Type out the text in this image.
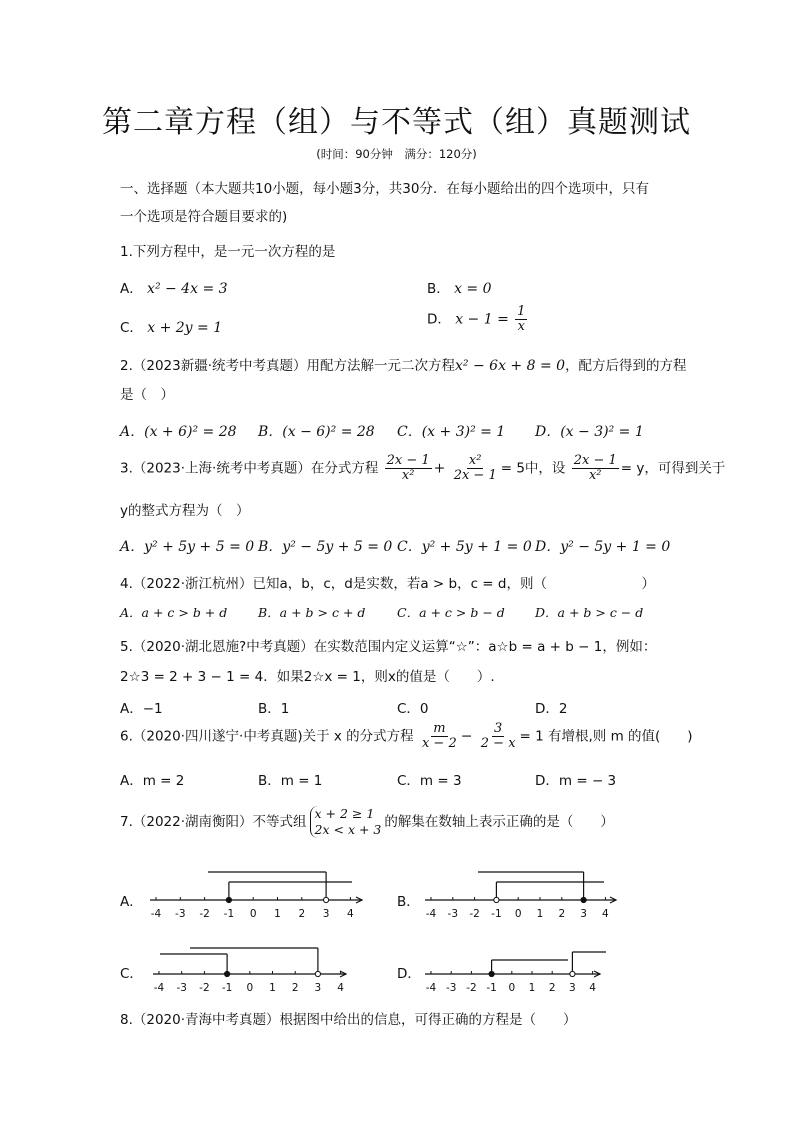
第二章方程（组）与不等式（组）真题测试
(时间：90分钟　满分：120分)
一、选择题（本大题共10小题，每小题3分，共30分．在每小题给出的四个选项中，只有
一个选项是符合题目要求的)
1.下列方程中，是一元一次方程的是
A． x² − 4x = 3	B． x = 0
C． x + 2y = 1
D． $x - 1 = \frac{1}{x}$
2.（2023新疆·统考中考真题）用配方法解一元二次方程x² − 6x + 8 = 0，配方后得到的方程
是（　）
A．(x + 6)² = 28 B．(x − 6)² = 28 C．(x + 3)² = 1 D．(x − 3)² = 1
3.（2023·上海·统考中考真题）在分式方程 $\frac{2x - 1}{\text{x²}} + \frac{\text{x²}}{2x - 1} = 5$中，设 $\frac{2x - 1}{\text{x²}} = y$，可得到关于
y的整式方程为（　）
A．y² + 5y + 5 = 0 B．y² − 5y + 5 = 0 C．y² + 5y + 1 = 0 D．y² − 5y + 1 = 0
4.（2022·浙江杭州）已知a，b，c，d是实数，若a > b，c = d，则（　　　　　　　）
A．a + c > b + d B．a + b > c + d	C．a + c > b − d D．a + b > c − d
5.（2020·湖北恩施?中考真题）在实数范围内定义运算“☆”：a☆b = a + b − 1，例如：
2☆3 = 2 + 3 − 1 = 4．如果2☆x = 1，则x的值是（　　）.
A．−1	B．1	C．0	D．2
6.（2020·四川遂宁·中考真题)关于 x 的分式方程 $\frac{m}{x - 2} - \frac{3}{2 - x} = 1$ 有增根,则 m 的值(　　)
A．m = 2	B．m = 1	C．m = 3	D．m = − 3
7.（2022·湖南衡阳）不等式组x + 2 ≥ 1
2x < x + 3 的解集在数轴上表示正确的是（　　）
A．	B．
C．	D．
-4 -3 -2 -1 0 1 2 3 4	-4 -3 -2 -1 0 1 2 3 4
-4 -3 -2 -1 0 1 2 3 4	-4 -3 -2 -1 0 1 2 3 4
8.（2020·青海中考真题）根据图中给出的信息，可得正确的方程是（　　）
